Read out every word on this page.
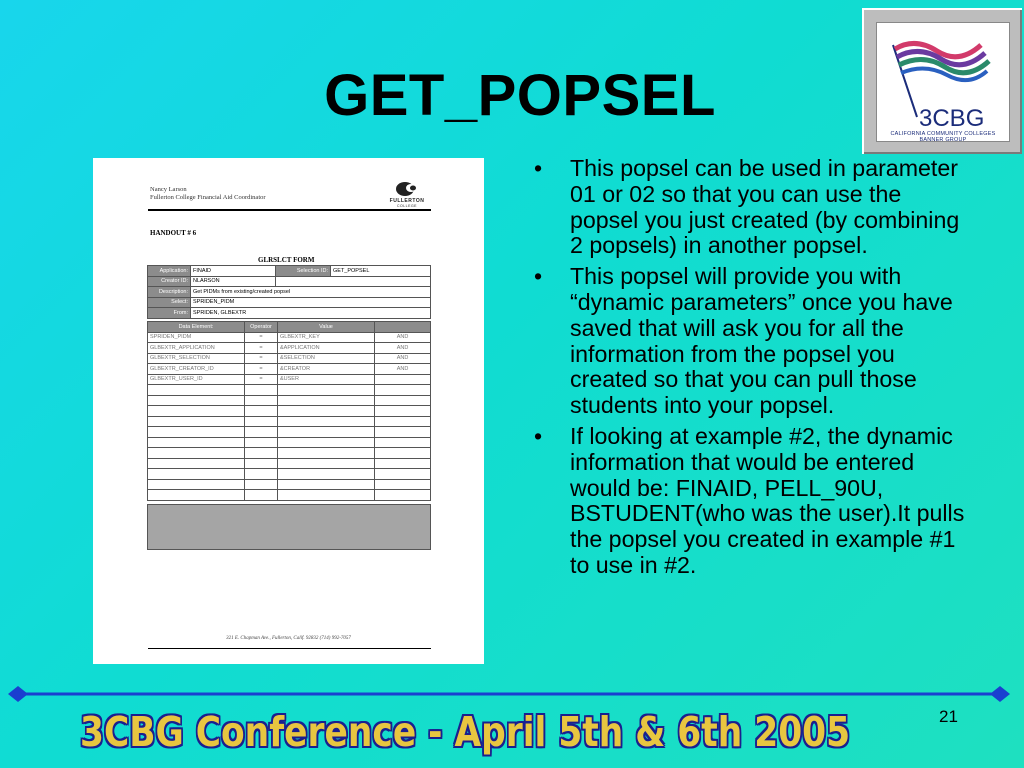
GET_POPSEL	3CBG
CALIFORNIA COMMUNITY COLLEGES
BANNER GROUP
Nancy Larson
Fullerton College Financial Aid Coordinator	FULLERTON
COLLEGE
HANDOUT # 6
GLRSLCT FORM
Application:	FINAID	Selection ID:	GET_POPSEL
Creator ID:	NLARSON		
Description:	Get PIDMs from existing/created popsel		
Select:	SPRIDEN_PIDM		
From:	SPRIDEN, GLBEXTR		
Data Element:	Operator	Value	
SPRIDEN_PIDM	=	GLBEXTR_KEY	AND
GLBEXTR_APPLICATION	=	&APPLICATION	AND
GLBEXTR_SELECTION	=	&SELECTION	AND
GLBEXTR_CREATOR_ID	=	&CREATOR	AND
GLBEXTR_USER_ID	=	&USER	

321 E. Chapman Ave., Fullerton, Calif. 92832 (714) 992-7057
• This popsel can be used in parameter 01 or 02 so that you can use the popsel you just created (by combining 2 popsels) in another popsel.
• This popsel will provide you with “dynamic parameters” once you have saved that will ask you for all the information from the popsel you created so that you can pull those students into your popsel.
• If looking at example #2, the dynamic information that would be entered would be: FINAID, PELL_90U, BSTUDENT(who was the user).It pulls the popsel you created in example #1 to use in #2.
3CBG Conference - April 5th & 6th 2005	21
